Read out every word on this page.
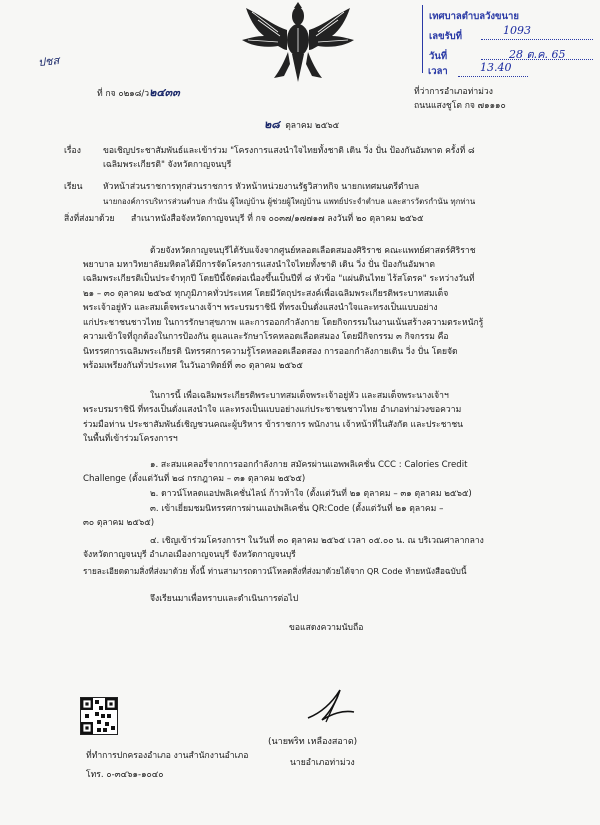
ปชส
เทศบาลตำบลวังขนาย
เลขรับที่	1093
วันที่	28 ต.ค. 65
เวลา	13.40
ที่ กจ ๐๒๑๘/ว๒๔๓๓	ที่ว่าการอำเภอท่าม่วง
ถนนแสงชูโต กจ ๗๑๑๑๐
๒๘ ตุลาคม ๒๕๖๕
เรื่อง	ขอเชิญประชาสัมพันธ์และเข้าร่วม "โครงการแสงนำใจไทยทั้งชาติ เดิน วิ่ง ปั่น ป้องกันอัมพาต ครั้งที่ ๘
เฉลิมพระเกียรติ" จังหวัดกาญจนบุรี
เรียน หัวหน้าส่วนราชการทุกส่วนราชการ หัวหน้าหน่วยงานรัฐวิสาหกิจ นายกเทศมนตรีตำบล
นายกองค์การบริหารส่วนตำบล กำนัน ผู้ใหญ่บ้าน ผู้ช่วยผู้ใหญ่บ้าน แพทย์ประจำตำบล และสารวัตรกำนัน ทุกท่าน
สิ่งที่ส่งมาด้วย สำเนาหนังสือจังหวัดกาญจนบุรี ที่ กจ ๐๐๓๗/๑๗๗๑๗ ลงวันที่ ๒๐ ตุลาคม ๒๕๖๕
ด้วยจังหวัดกาญจนบุรีได้รับแจ้งจากศูนย์หลอดเลือดสมองศิริราช คณะแพทย์ศาสตร์ศิริราช
พยาบาล มหาวิทยาลัยมหิดลได้มีการจัดโครงการแสงนำใจไทยทั้งชาติ เดิน วิ่ง ปั่น ป้องกันอัมพาต
เฉลิมพระเกียรติเป็นประจำทุกปี โดยปีนี้จัดต่อเนื่องขึ้นเป็นปีที่ ๘ หัวข้อ "แผ่นดินไทย ไร้สโตรค" ระหว่างวันที่
๒๑ – ๓๐ ตุลาคม ๒๕๖๕ ทุกภูมิภาคทั่วประเทศ โดยมีวัตถุประสงค์เพื่อเฉลิมพระเกียรติพระบาทสมเด็จ
พระเจ้าอยู่หัว และสมเด็จพระนางเจ้าฯ พระบรมราชินี ที่ทรงเป็นดั่งแสงนำใจและทรงเป็นแบบอย่าง
แก่ประชาชนชาวไทย ในการรักษาสุขภาพ และการออกกำลังกาย โดยกิจกรรมในงานเน้นสร้างความตระหนักรู้
ความเข้าใจที่ถูกต้องในการป้องกัน ดูแลและรักษาโรคหลอดเลือดสมอง โดยมีกิจกรรม ๓ กิจกรรม คือ
นิทรรศการเฉลิมพระเกียรติ นิทรรศการความรู้โรคหลอดเลือดสอง การออกกำลังกายเดิน วิ่ง ปั่น โดยจัด
พร้อมเพรียงกันทั่วประเทศ ในวันอาทิตย์ที่ ๓๐ ตุลาคม ๒๕๖๕
ในการนี้ เพื่อเฉลิมพระเกียรติพระบาทสมเด็จพระเจ้าอยู่หัว และสมเด็จพระนางเจ้าฯ
พระบรมราชินี ที่ทรงเป็นดั่งแสงนำใจ และทรงเป็นแบบอย่างแก่ประชาชนชาวไทย อำเภอท่าม่วงขอความ
ร่วมมือท่าน ประชาสัมพันธ์เชิญชวนคณะผู้บริหาร ข้าราชการ พนักงาน เจ้าหน้าที่ในสังกัด และประชาชน
ในพื้นที่เข้าร่วมโครงการฯ
๑. สะสมแคลอรี่จากการออกกำลังกาย สมัครผ่านแอพพลิเคชั่น CCC : Calories Credit
Challenge (ตั้งแต่วันที่ ๒๘ กรกฎาคม – ๓๑ ตุลาคม ๒๕๖๕)
๒. ดาวน์โหลดแอปพลิเคชั่นไลน์ ก้าวท้าใจ (ตั้งแต่วันที่ ๒๑ ตุลาคม – ๓๑ ตุลาคม ๒๕๖๕)
๓. เข้าเยี่ยมชมนิทรรศการผ่านแอปพลิเคชั่น QR:Code (ตั้งแต่วันที่ ๒๑ ตุลาคม –
๓๐ ตุลาคม ๒๕๖๕)
๔. เชิญเข้าร่วมโครงการฯ ในวันที่ ๓๐ ตุลาคม ๒๕๖๕ เวลา ๐๕.๐๐ น. ณ บริเวณศาลากลาง
จังหวัดกาญจนบุรี อำเภอเมืองกาญจนบุรี จังหวัดกาญจนบุรี
รายละเอียดตามสิ่งที่ส่งมาด้วย ทั้งนี้ ท่านสามารถดาวน์โหลดสิ่งที่ส่งมาด้วยได้จาก QR Code ท้ายหนังสือฉบับนี้
จึงเรียนมาเพื่อทราบและดำเนินการต่อไป
ขอแสดงความนับถือ
(นายพริท เหลืองสอาด)
นายอำเภอท่าม่วง
ที่ทำการปกครองอำเภอ งานสำนักงานอำเภอ
โทร. ๐-๓๔๖๑-๑๐๔๐
